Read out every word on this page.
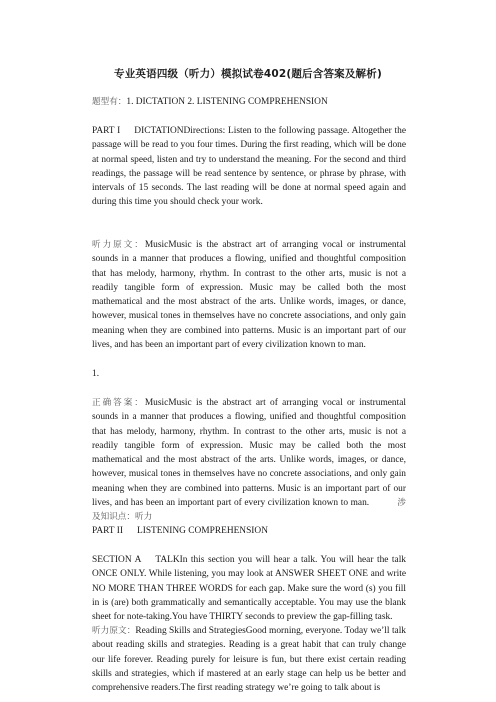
专业英语四级（听力）模拟试卷402(题后含答案及解析)
题型有：1. DICTATION 2. LISTENING COMPREHENSION
PART I DICTATIONDirections: Listen to the following passage. Altogether the passage will be read to you four times. During the first reading, which will be done at normal speed, listen and try to understand the meaning. For the second and third readings, the passage will be read sentence by sentence, or phrase by phrase, with intervals of 15 seconds. The last reading will be done at normal speed again and during this time you should check your work.
听力原文：MusicMusic is the abstract art of arranging vocal or instrumental sounds in a manner that produces a flowing, unified and thoughtful composition that has melody, harmony, rhythm. In contrast to the other arts, music is not a readily tangible form of expression. Music may be called both the most mathematical and the most abstract of the arts. Unlike words, images, or dance, however, musical tones in themselves have no concrete associations, and only gain meaning when they are combined into patterns. Music is an important part of our lives, and has been an important part of every civilization known to man.
1.
正确答案：MusicMusic is the abstract art of arranging vocal or instrumental sounds in a manner that produces a flowing, unified and thoughtful composition that has melody, harmony, rhythm. In contrast to the other arts, music is not a readily tangible form of expression. Music may be called both the most mathematical and the most abstract of the arts. Unlike words, images, or dance, however, musical tones in themselves have no concrete associations, and only gain meaning when they are combined into patterns. Music is an important part of our lives, and has been an important part of every civilization known to man.	涉及知识点：听力
PART II LISTENING COMPREHENSION
SECTION A TALKIn this section you will hear a talk. You will hear the talk ONCE ONLY. While listening, you may look at ANSWER SHEET ONE and write NO MORE THAN THREE WORDS for each gap. Make sure the word (s) you fill in is (are) both grammatically and semantically acceptable. You may use the blank sheet for note-taking.You have THIRTY seconds to preview the gap-filling task.
听力原文：Reading Skills and StrategiesGood morning, everyone. Today we’ll talk about reading skills and strategies. Reading is a great habit that can truly change our life forever. Reading purely for leisure is fun, but there exist certain reading skills and strategies, which if mastered at an early stage can help us be better and comprehensive readers.The first reading strategy we’re going to talk about is
